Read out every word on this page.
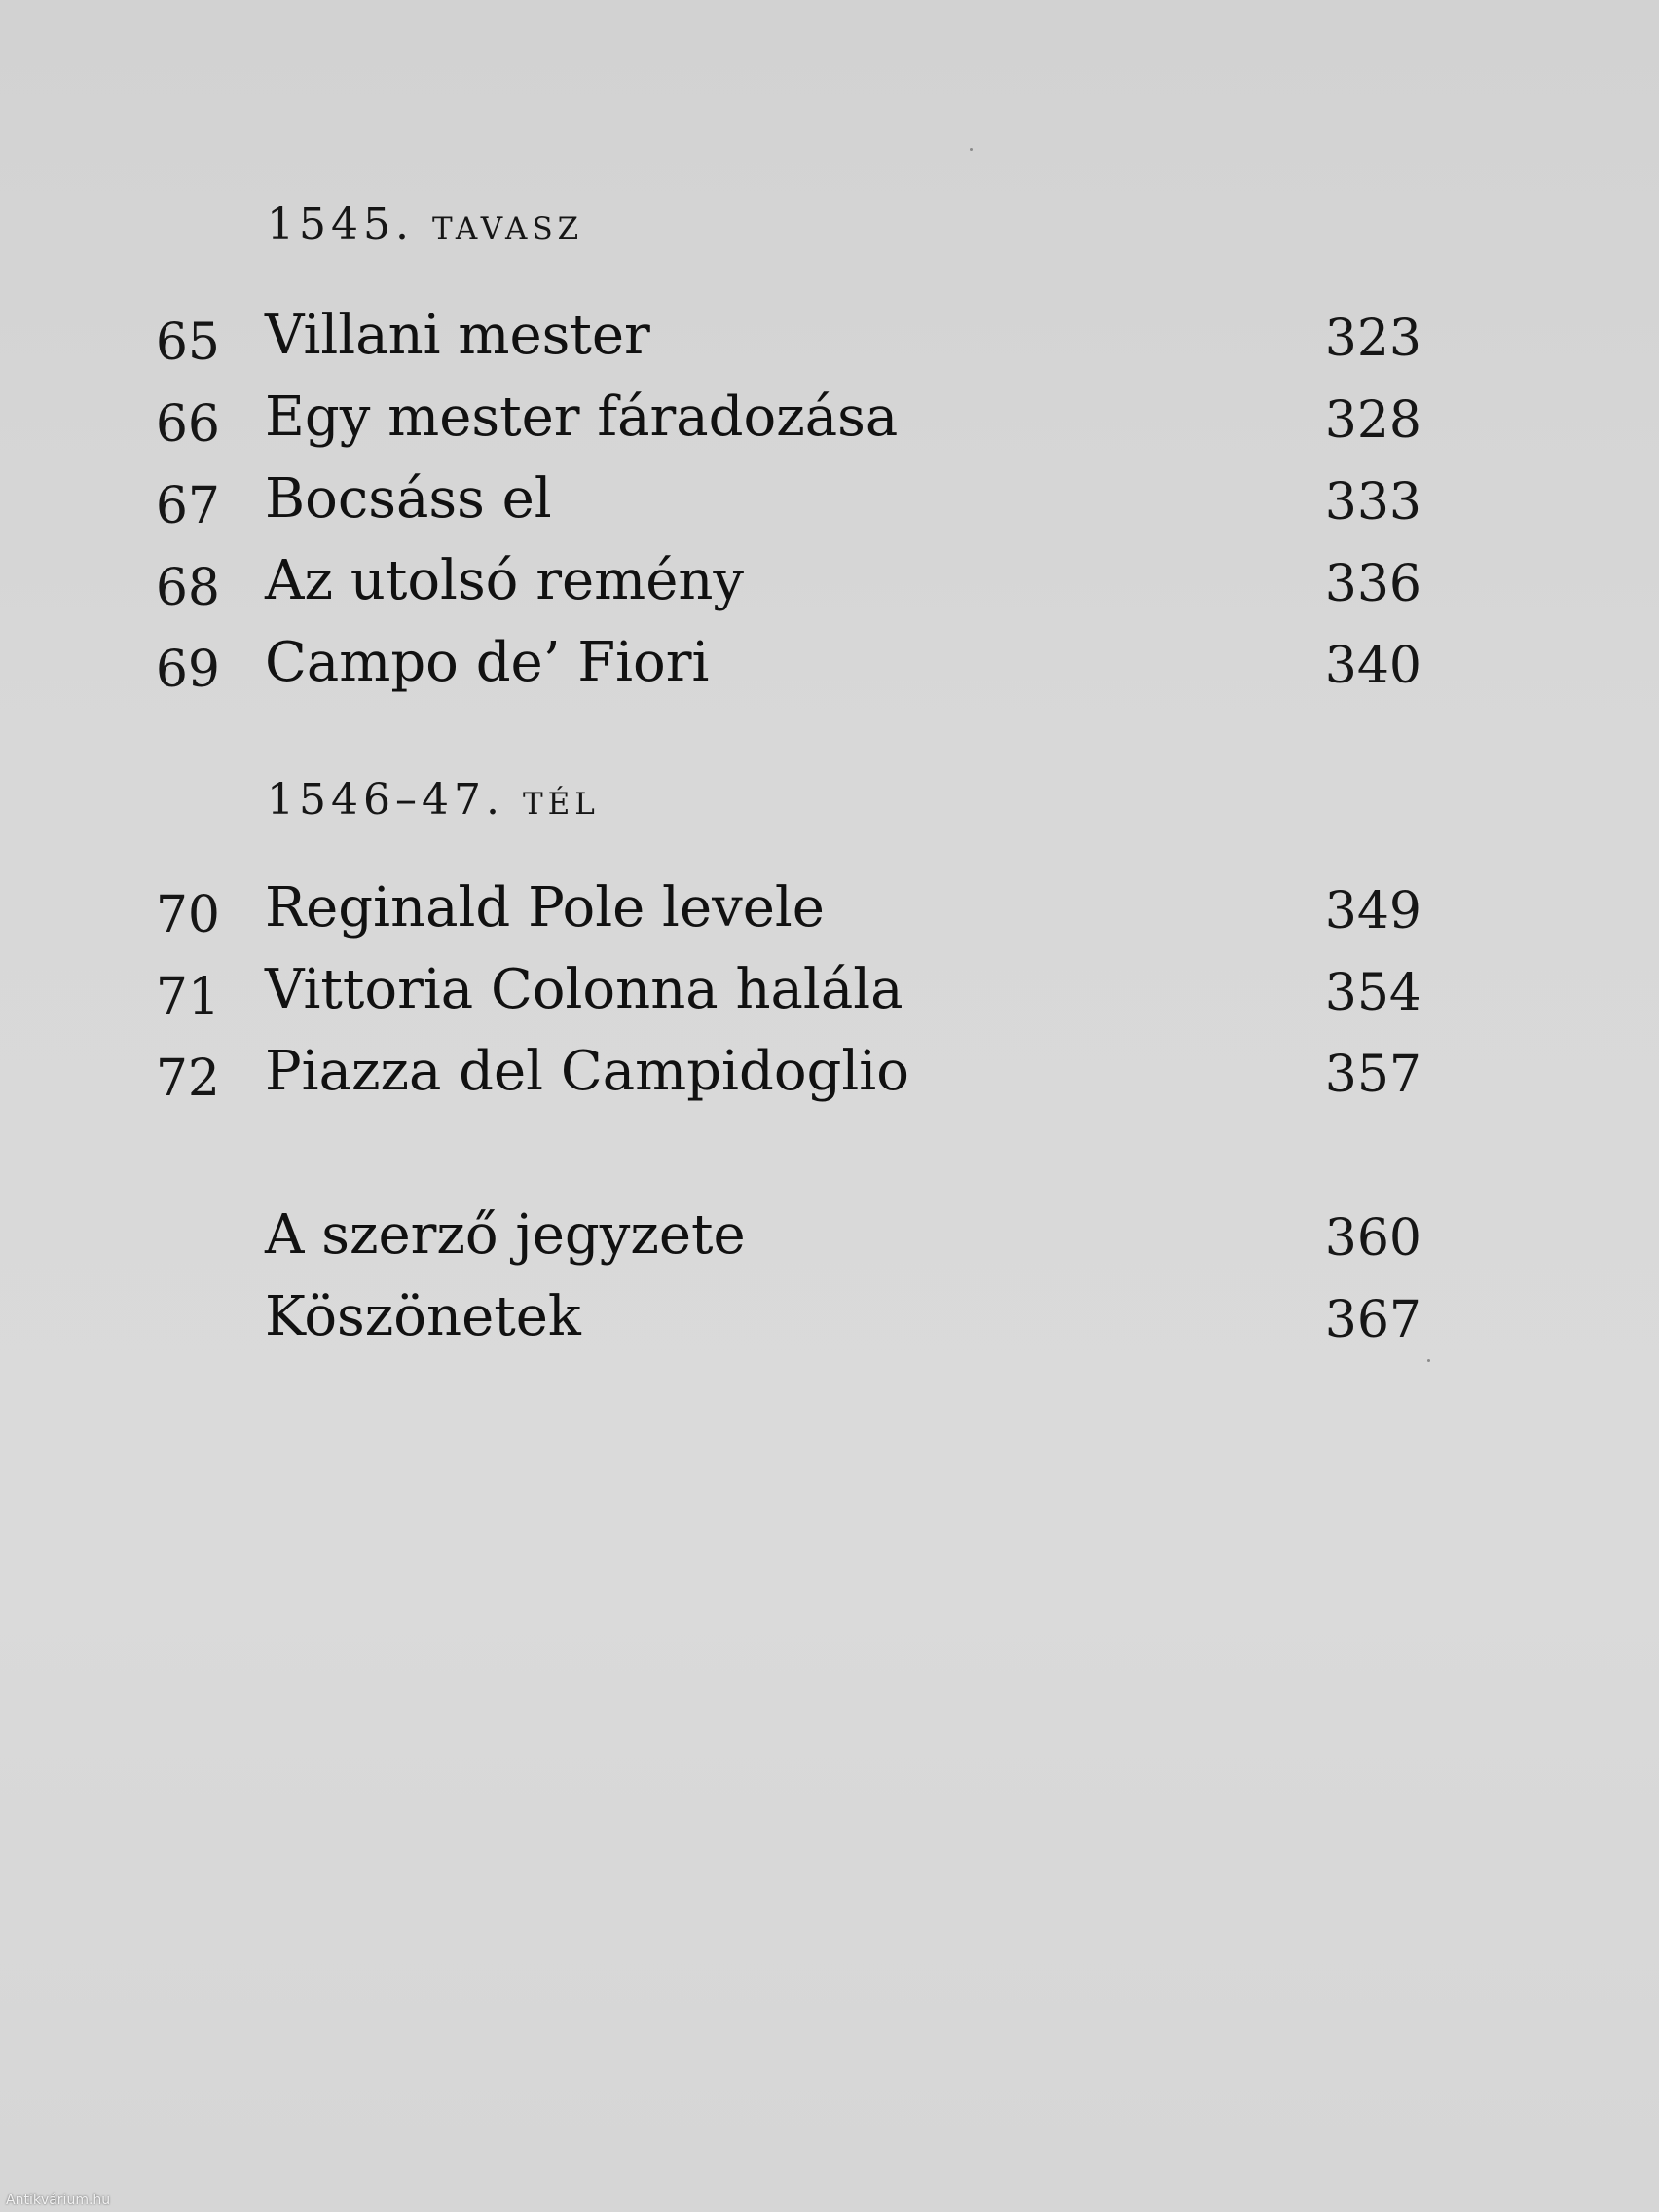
1545. tavasz
65 Villani mester	323
66 Egy mester fáradozása	328
67 Bocsáss el	333
68 Az utolsó remény	336
69 Campo de’ Fiori	340
1546–47. tél
70 Reginald Pole levele	349
71 Vittoria Colonna halála	354
72 Piazza del Campidoglio	357
A szerző jegyzete	360
Köszönetek	367
Antikvárium.hu
